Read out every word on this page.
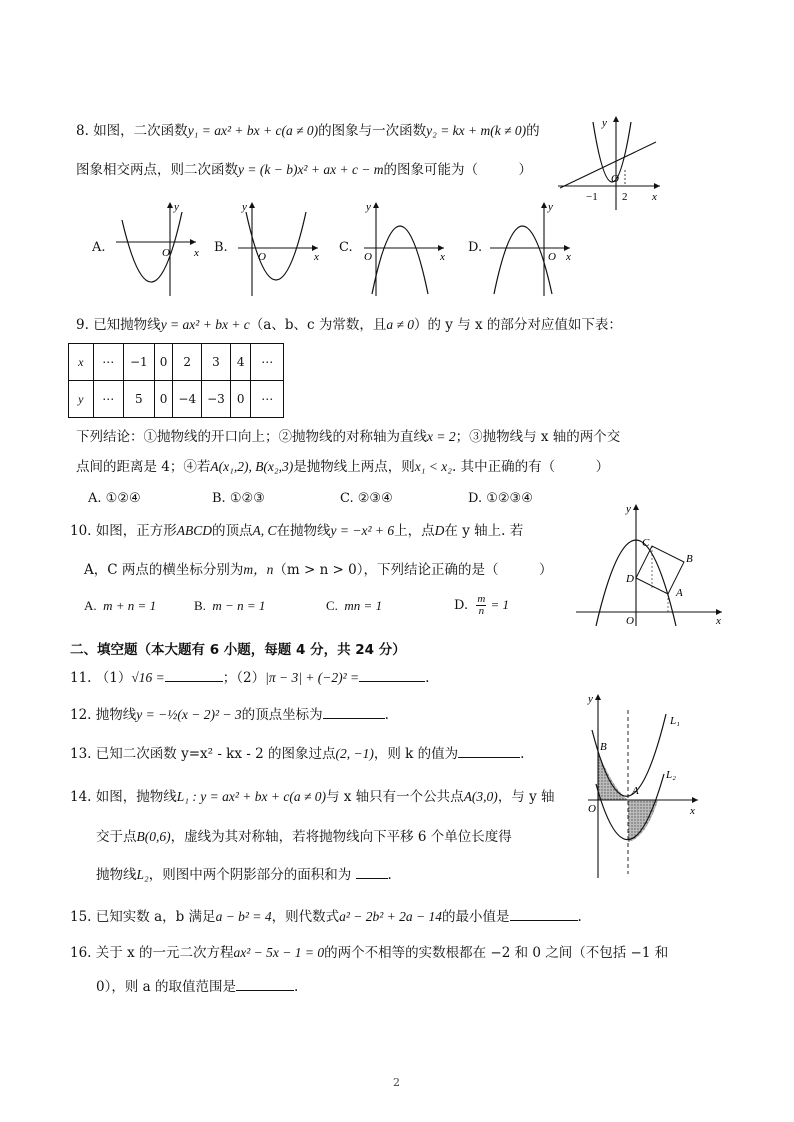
8. 如图，二次函数y₁ = ax² + bx + c(a ≠ 0)的图象与一次函数y₂ = kx + m(k ≠ 0)的
图象相交两点，则二次函数y = (k − b)x² + ax + c − m的图象可能为（　　　）
y
x
O
−1 2
A.	O x
y
B.
O	x
y
C.
O	x
y
D.
O x
y
9. 已知抛物线y = ax² + bx + c（a、b、c 为常数，且a ≠ 0）的 y 与 x 的部分对应值如下表：
x	⋯	−1	0	2	3	4	⋯
y	⋯	5	0	−4	−3	0	⋯
下列结论：①抛物线的开口向上；②抛物线的对称轴为直线x = 2；③抛物线与 x 轴的两个交
点间的距离是 4；④若A(x₁,2), B(x₂,3)是抛物线上两点，则x₁ < x₂. 其中正确的有（　　　）
A. ①②④	B. ①②③	C. ②③④	D. ①②③④
10. 如图，正方形ABCD的顶点A, C在抛物线y = −x² + 6上，点D在 y 轴上. 若
A，C 两点的横坐标分别为m，n（m > n > 0），下列结论正确的是（　　　）
A. m + n = 1	B. m − n = 1	C. mn = 1	D. $\frac{m}{n} = 1$
y
x
O
D
C
B
A
二、填空题（本大题有 6 小题，每题 4 分，共 24 分）
11. （1）√16 =	；（2）|π − 3| + (−2)² =	.
12. 抛物线y = −½(x − 2)² − 3的顶点坐标为	.
13. 已知二次函数 y=x² - kx - 2 的图象过点(2, −1)，则 k 的值为	.
14. 如图，抛物线L₁ : y = ax² + bx + c(a ≠ 0)与 x 轴只有一个公共点A(3,0)，与 y 轴
交于点B(0,6)，虚线为其对称轴，若将抛物线向下平移 6 个单位长度得
抛物线L₂，则图中两个阴影部分的面积和为	.
y
x
O
B
A
L₁
L₂
15. 已知实数 a，b 满足a − b² = 4，则代数式a² − 2b² + 2a − 14的最小值是	.
16. 关于 x 的一元二次方程ax² − 5x − 1 = 0的两个不相等的实数根都在 −2 和 0 之间（不包括 −1 和
0），则 a 的取值范围是	.
2
